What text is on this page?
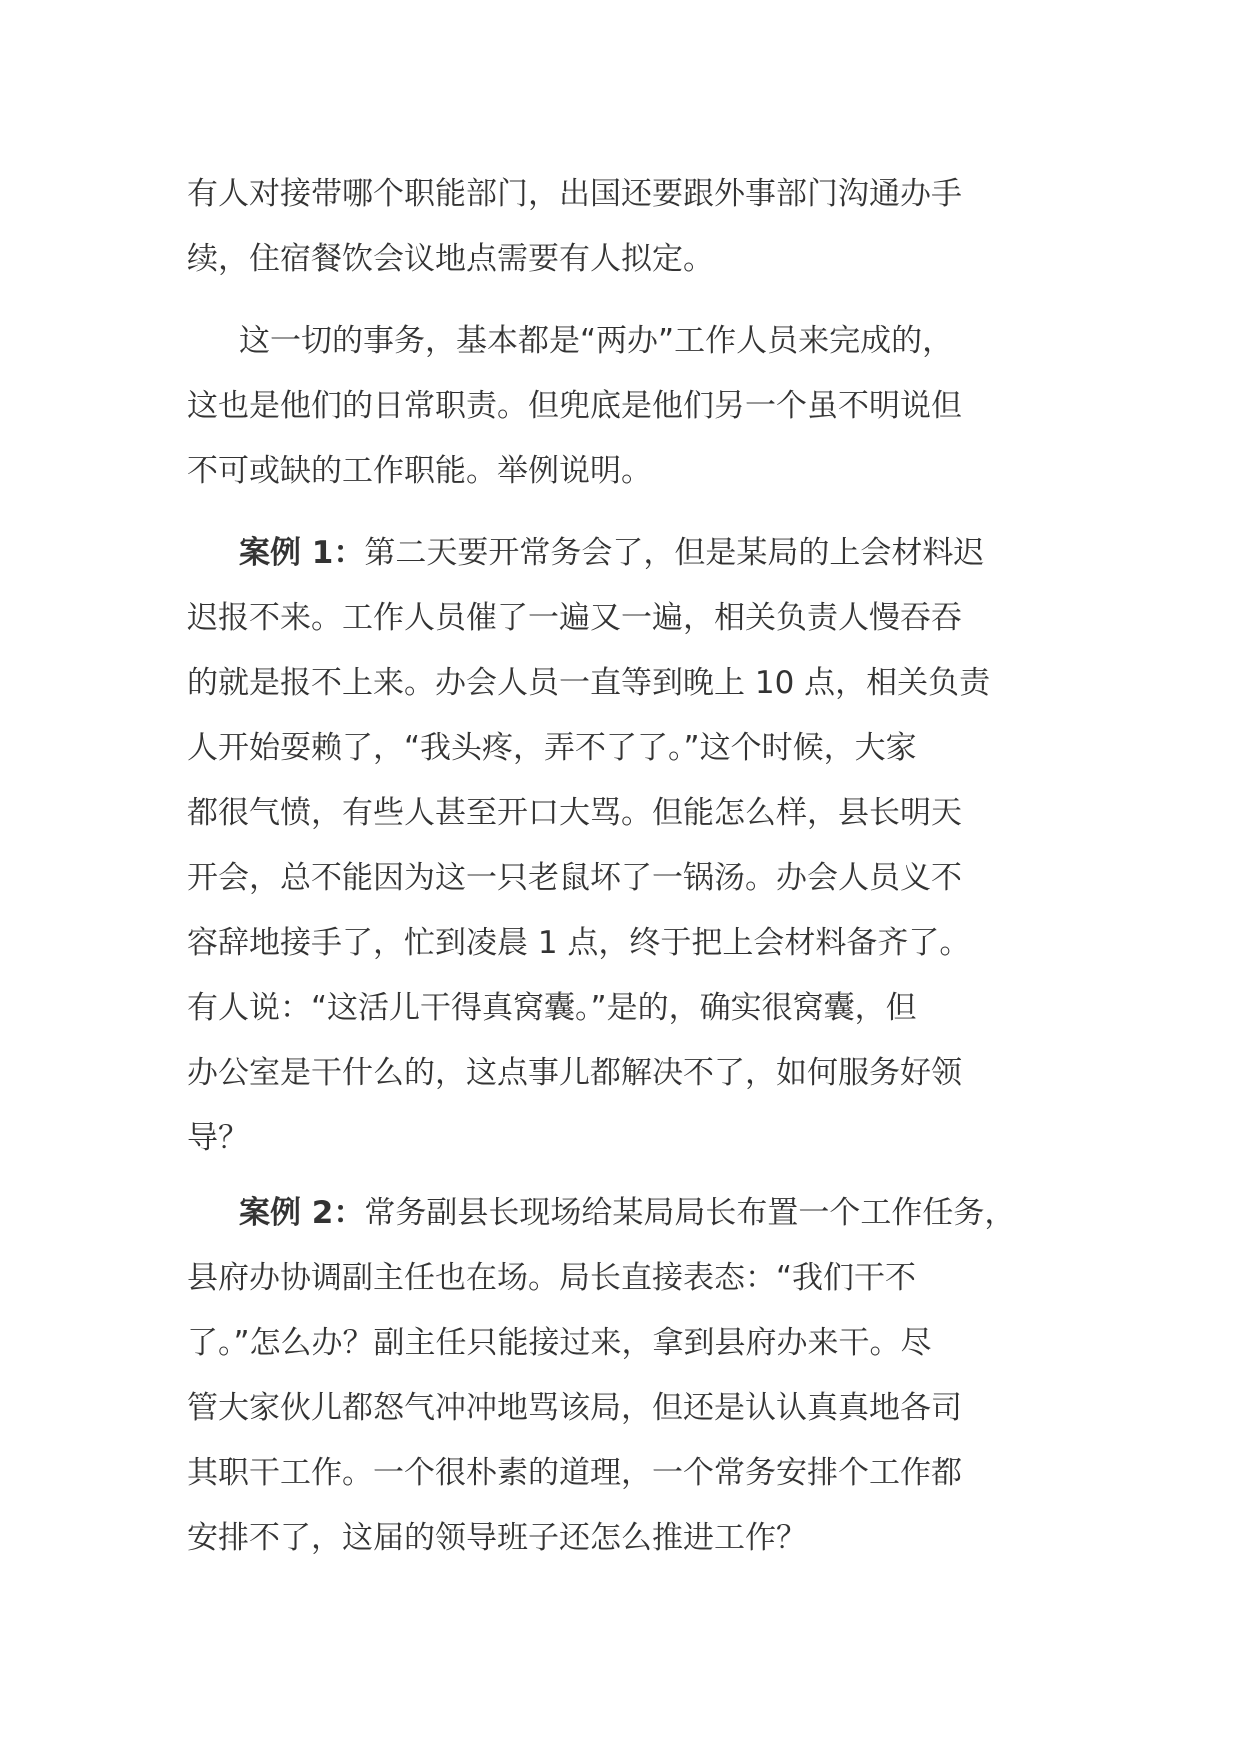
有人对接带哪个职能部门，出国还要跟外事部门沟通办手
续，住宿餐饮会议地点需要有人拟定。
这一切的事务，基本都是“两办”工作人员来完成的，
这也是他们的日常职责。但兜底是他们另一个虽不明说但
不可或缺的工作职能。举例说明。
案例 1：第二天要开常务会了，但是某局的上会材料迟
迟报不来。工作人员催了一遍又一遍，相关负责人慢吞吞
的就是报不上来。办会人员一直等到晚上 10 点，相关负责
人开始耍赖了，“我头疼，弄不了了。”这个时候，大家
都很气愤，有些人甚至开口大骂。但能怎么样，县长明天
开会，总不能因为这一只老鼠坏了一锅汤。办会人员义不
容辞地接手了，忙到凌晨 1 点，终于把上会材料备齐了。
有人说：“这活儿干得真窝囊。”是的，确实很窝囊，但
办公室是干什么的，这点事儿都解决不了，如何服务好领
导？
案例 2：常务副县长现场给某局局长布置一个工作任务，
县府办协调副主任也在场。局长直接表态：“我们干不
了。”怎么办？副主任只能接过来，拿到县府办来干。尽
管大家伙儿都怒气冲冲地骂该局，但还是认认真真地各司
其职干工作。一个很朴素的道理，一个常务安排个工作都
安排不了，这届的领导班子还怎么推进工作？
